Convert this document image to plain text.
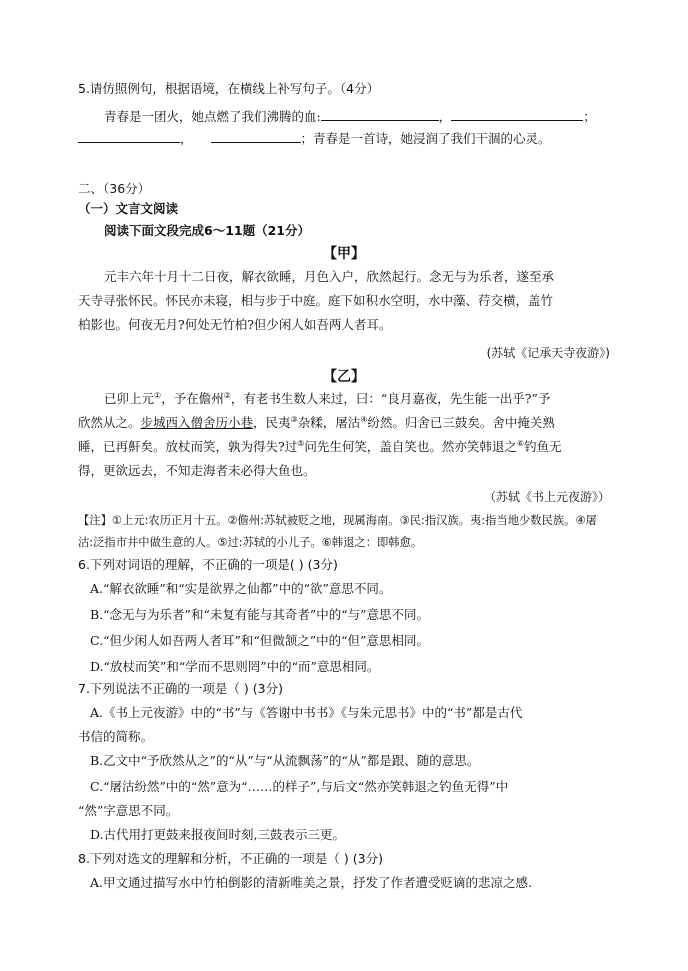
5.请仿照例句，根据语境，在横线上补写句子。（4分）
青春是一团火，她点燃了我们沸腾的血:	，	；
，	；青春是一首诗，她浸润了我们干涸的心灵。
二、（36分）
（一）文言文阅读
阅读下面文段完成6～11题（21分）
【甲】
元丰六年十月十二日夜，解衣欲睡，月色入户，欣然起行。念无与为乐者，遂至承
天寺寻张怀民。怀民亦未寝，相与步于中庭。庭下如积水空明，水中藻、荇交横，盖竹
柏影也。何夜无月?何处无竹柏?但少闲人如吾两人者耳。
(苏轼《记承天寺夜游》)
【乙】
已卯上元①，予在儋州②，有老书生数人来过，曰：“良月嘉夜，先生能一出乎?”予
欣然从之。步城西入僧舍历小巷，民夷③杂糅，屠沽④纷然。归舍已三鼓矣。舍中掩关熟
睡，已再鼾矣。放杖而笑，孰为得失?过⑤问先生何笑，盖自笑也。然亦笑韩退之⑥钓鱼无
得，更欲远去，不知走海者未必得大鱼也。
（苏轼《书上元夜游》）
【注】①上元:农历正月十五。②儋州:苏轼被贬之地，现属海南。③民:指汉族。夷:指当地少数民族。④屠
沽:泛指市井中做生意的人。⑤过:苏轼的小儿子。⑥韩退之：即韩愈。
6.下列对词语的理解，不正确的一项是( ) (3分)
A.“解衣欲睡”和“实是欲界之仙都”中的“欲”意思不同。
B.“念无与为乐者”和“未复有能与其奇者”中的“与”意思不同。
C.“但少闲人如吾两人者耳”和“但微颔之”中的“但”意思相同。
D.“放杖而笑”和“学而不思则罔”中的“而”意思相同。
7.下列说法不正确的一项是（ ) (3分)
A.《书上元夜游》中的“书”与《答谢中书书》《与朱元思书》中的“书”都是古代
书信的简称。
B.乙文中“予欣然从之”的“从”与“从流飘荡”的“从”都是跟、随的意思。
C.“屠沽纷然”中的“然”意为“……的样子”,与后文“然亦笑韩退之钓鱼无得”中
“然”字意思不同。
D.古代用打更鼓来报夜间时刻,三鼓表示三更。
8.下列对选文的理解和分析，不正确的一项是（ ) (3分)
A.甲文通过描写水中竹柏倒影的清新唯美之景，抒发了作者遭受贬谪的悲凉之感.
